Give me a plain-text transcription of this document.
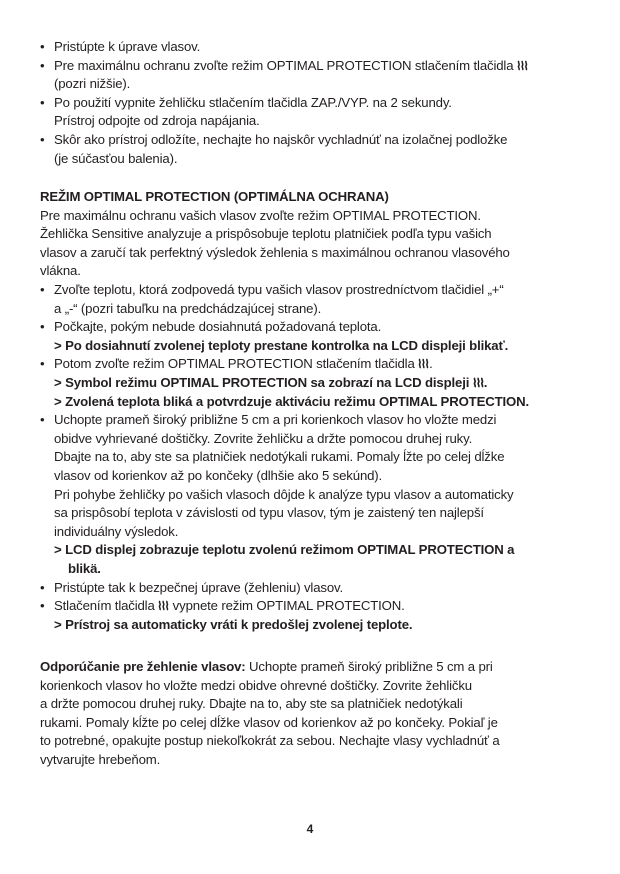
• Pristúpte k úprave vlasov.
• Pre maximálnu ochranu zvoľte režim OPTIMAL PROTECTION stlačením tlačidla
(pozri nižšie).
• Po použití vypnite žehličku stlačením tlačidla ZAP./VYP. na 2 sekundy.
Prístroj odpojte od zdroja napájania.
• Skôr ako prístroj odložíte, nechajte ho najskôr vychladnúť na izolačnej podložke
(je súčasťou balenia).
REŽIM OPTIMAL PROTECTION (OPTIMÁLNA OCHRANA)
Pre maximálnu ochranu vašich vlasov zvoľte režim OPTIMAL PROTECTION.
Žehlička Sensitive analyzuje a prispôsobuje teplotu platničiek podľa typu vašich
vlasov a zaručí tak perfektný výsledok žehlenia s maximálnou ochranou vlasového
vlákna.
• Zvoľte teplotu, ktorá zodpovedá typu vašich vlasov prostredníctvom tlačidiel „+“
a „-“ (pozri tabuľku na predchádzajúcej strane).
• Počkajte, pokým nebude dosiahnutá požadovaná teplota.
> Po dosiahnutí zvolenej teploty prestane kontrolka na LCD displeji blikať.
• Potom zvoľte režim OPTIMAL PROTECTION stlačením tlačidla
.
> Symbol režimu OPTIMAL PROTECTION sa zobrazí na LCD displeji
.
> Zvolená teplota bliká a potvrdzuje aktiváciu režimu OPTIMAL PROTECTION.
• Uchopte prameň široký približne 5 cm a pri korienkoch vlasov ho vložte medzi
obidve vyhrievané doštičky. Zovrite žehličku a držte pomocou druhej ruky.
Dbajte na to, aby ste sa platničiek nedotýkali rukami. Pomaly ĺžte po celej dĺžke
vlasov od korienkov až po končeky (dlhšie ako 5 sekúnd).
Pri pohybe žehličky po vašich vlasoch dôjde k analýze typu vlasov a automaticky
sa prispôsobí teplota v závislosti od typu vlasov, tým je zaistený ten najlepší
individuálny výsledok.
> LCD displej zobrazuje teplotu zvolenú režimom OPTIMAL PROTECTION a
blikä.
• Pristúpte tak k bezpečnej úprave (žehleniu) vlasov.
• Stlačením tlačidla
vypnete režim OPTIMAL PROTECTION.
> Prístroj sa automaticky vráti k predošlej zvolenej teplote.
Odporúčanie pre žehlenie vlasov: Uchopte prameň široký približne 5 cm a pri
korienkoch vlasov ho vložte medzi obidve ohrevné doštičky. Zovrite žehličku
a držte pomocou druhej ruky. Dbajte na to, aby ste sa platničiek nedotýkali
rukami. Pomaly kĺžte po celej dĺžke vlasov od korienkov až po končeky. Pokiaľ je
to potrebné, opakujte postup niekoľkokrát za sebou. Nechajte vlasy vychladnúť a
vytvarujte hrebeňom.
4
